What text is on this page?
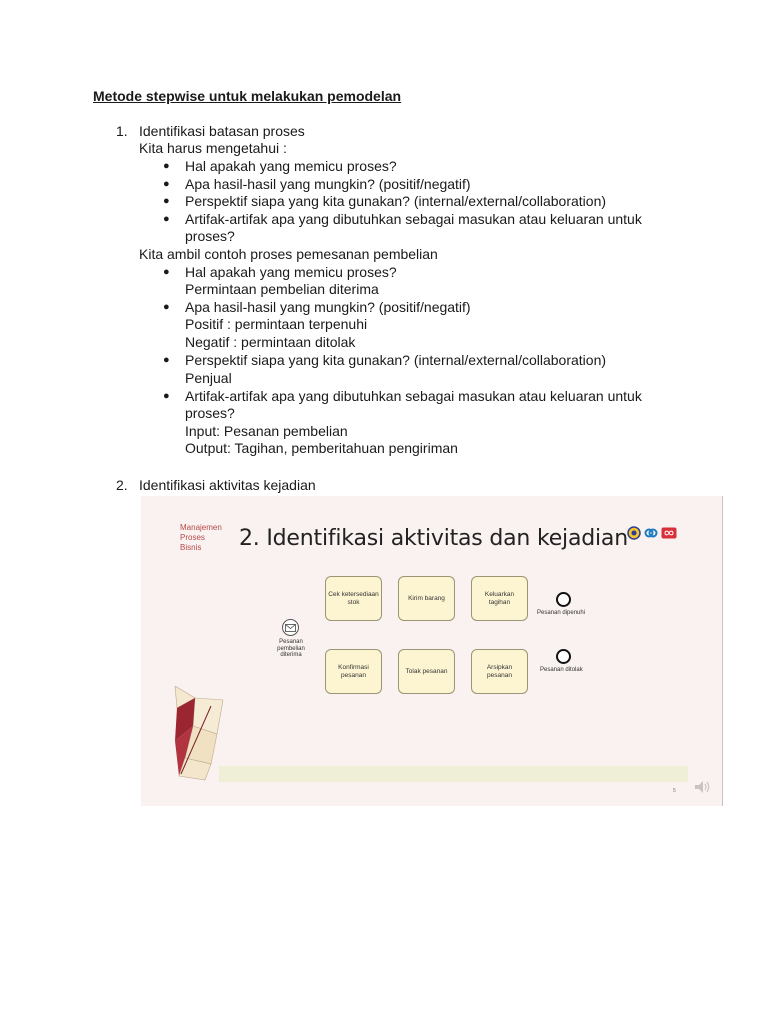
Metode stepwise untuk melakukan pemodelan
1. Identifikasi batasan proses
Kita harus mengetahui :
● Hal apakah yang memicu proses?
● Apa hasil-hasil yang mungkin? (positif/negatif)
● Perspektif siapa yang kita gunakan? (internal/external/collaboration)
● Artifak-artifak apa yang dibutuhkan sebagai masukan atau keluaran untuk
proses?
Kita ambil contoh proses pemesanan pembelian
● Hal apakah yang memicu proses?
Permintaan pembelian diterima
● Apa hasil-hasil yang mungkin? (positif/negatif)
Positif : permintaan terpenuhi
Negatif : permintaan ditolak
● Perspektif siapa yang kita gunakan? (internal/external/collaboration)
Penjual
● Artifak-artifak apa yang dibutuhkan sebagai masukan atau keluaran untuk
proses?
Input: Pesanan pembelian
Output: Tagihan, pemberitahuan pengiriman
2. Identifikasi aktivitas kejadian
Manajemen
Proses
Bisnis	2. Identifikasi aktivitas dan kejadian
Pesanan pembelian diterima
Cek ketersediaan stok
Kirim barang
Keluarkan tagihan
Konfirmasi pesanan
Tolak pesanan
Arsipkan pesanan
Pesanan dipenuhi
Pesanan ditolak
5
